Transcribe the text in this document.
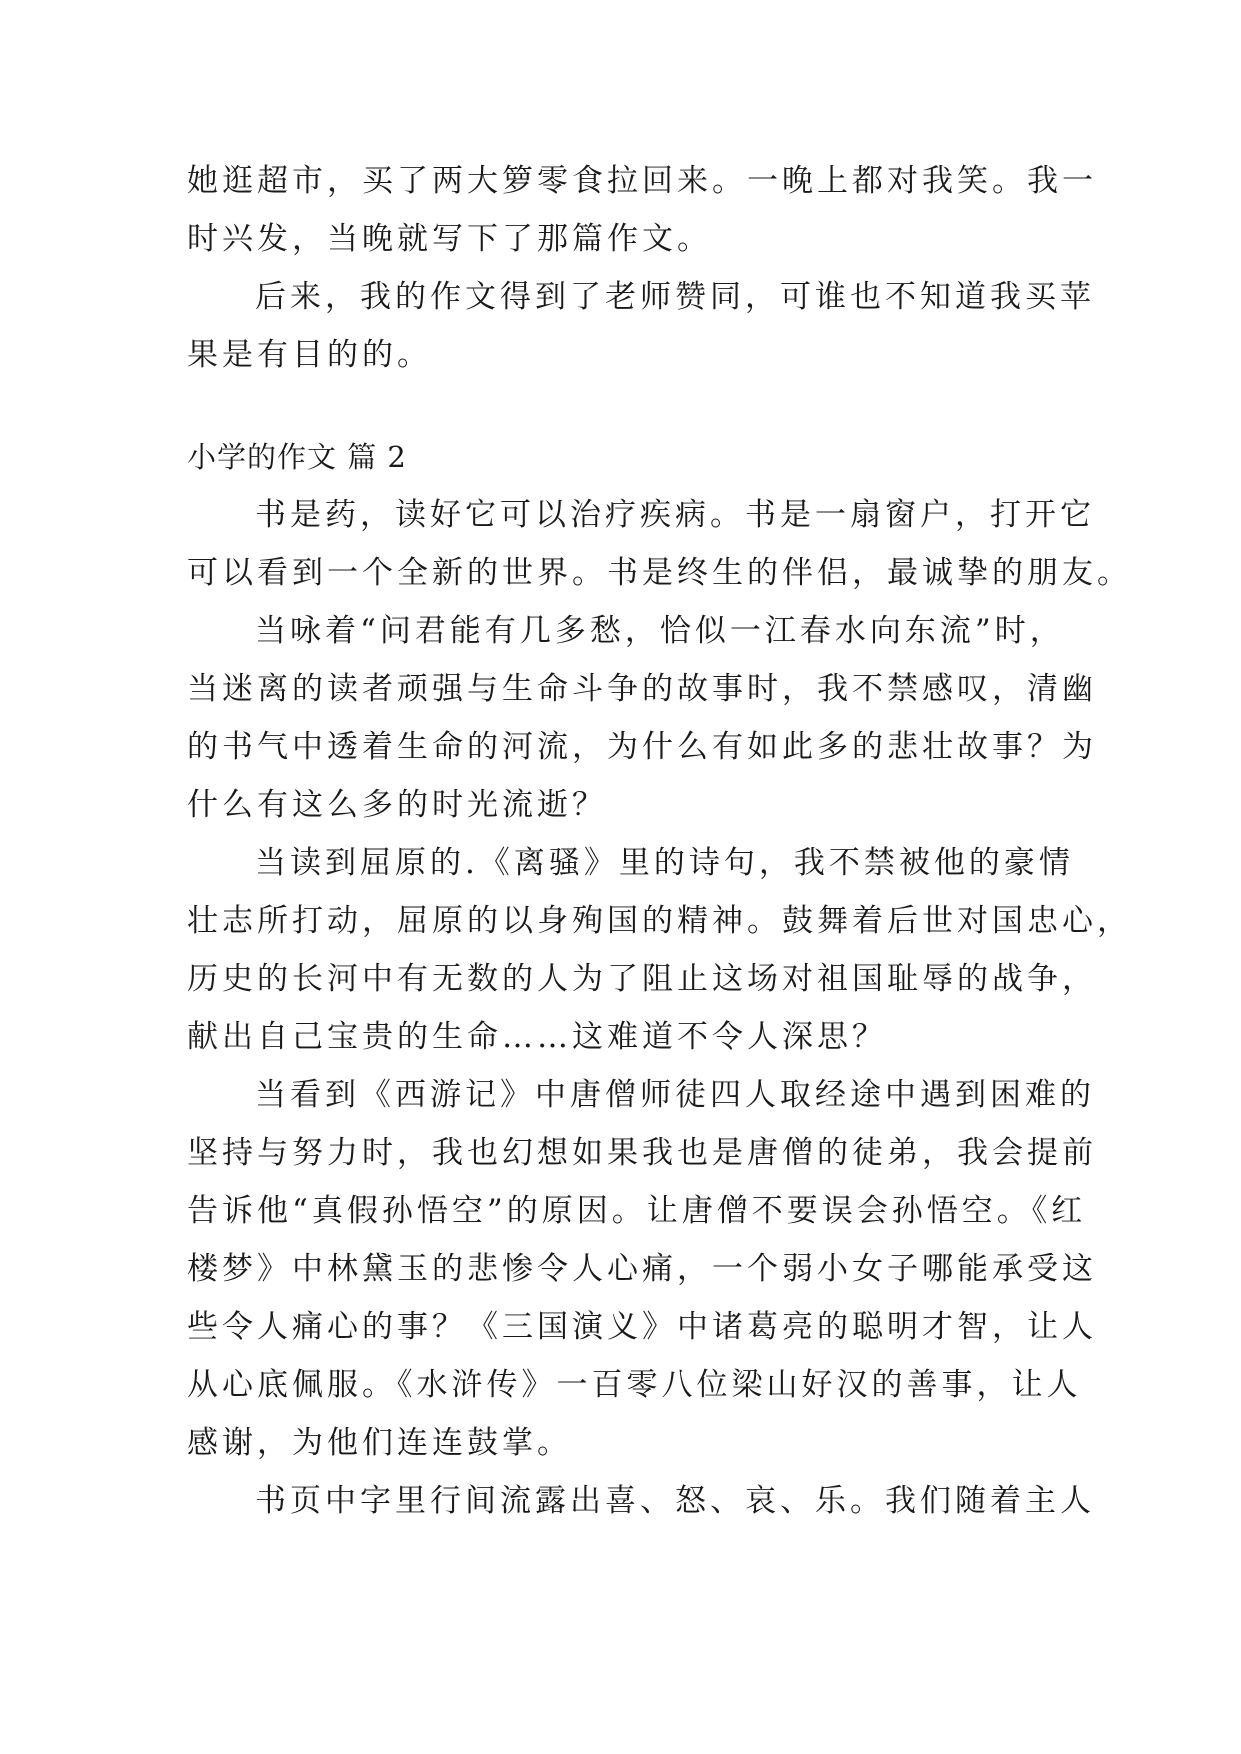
她逛超市，买了两大箩零食拉回来。一晚上都对我笑。我一
时兴发，当晚就写下了那篇作文。
后来，我的作文得到了老师赞同，可谁也不知道我买苹
果是有目的的。
小学的作文 篇 2
书是药，读好它可以治疗疾病。书是一扇窗户，打开它
可以看到一个全新的世界。书是终生的伴侣，最诚挚的朋友。
当咏着“问君能有几多愁，恰似一江春水向东流”时，
当迷离的读者顽强与生命斗争的故事时，我不禁感叹，清幽
的书气中透着生命的河流，为什么有如此多的悲壮故事？为
什么有这么多的时光流逝？
当读到屈原的.《离骚》里的诗句，我不禁被他的豪情
壮志所打动，屈原的以身殉国的精神。鼓舞着后世对国忠心，
历史的长河中有无数的人为了阻止这场对祖国耻辱的战争，
献出自己宝贵的生命……这难道不令人深思？
当看到《西游记》中唐僧师徒四人取经途中遇到困难的
坚持与努力时，我也幻想如果我也是唐僧的徒弟，我会提前
告诉他“真假孙悟空”的原因。让唐僧不要误会孙悟空。《红
楼梦》中林黛玉的悲惨令人心痛，一个弱小女子哪能承受这
些令人痛心的事？《三国演义》中诸葛亮的聪明才智，让人
从心底佩服。《水浒传》一百零八位梁山好汉的善事，让人
感谢，为他们连连鼓掌。
书页中字里行间流露出喜、怒、哀、乐。我们随着主人
